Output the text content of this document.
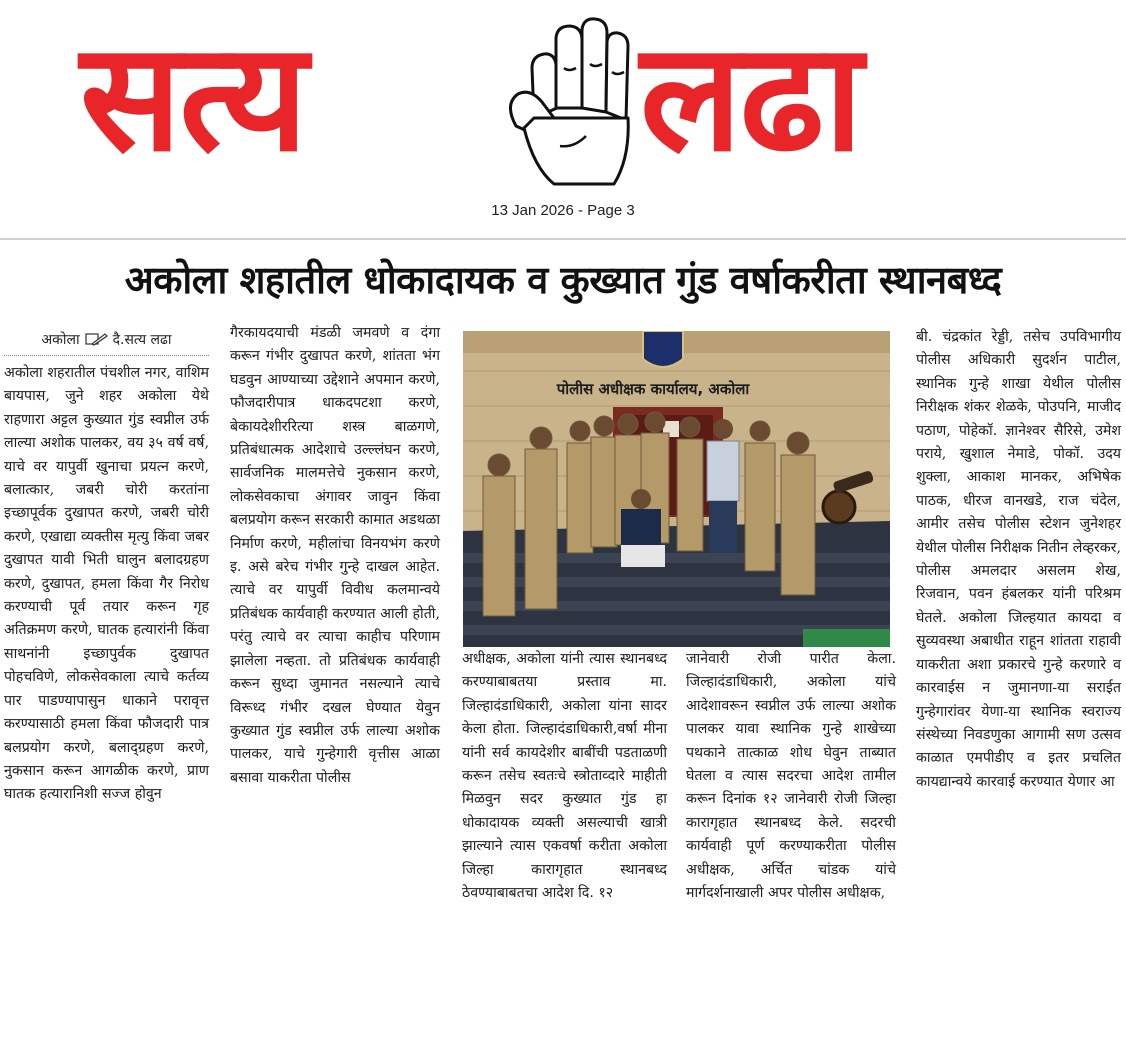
सत्य लढा
13 Jan 2026 - Page 3
अकोला शहातील धोकादायक व कुख्यात गुंड वर्षाकरीता स्थानबध्द
अकोला दै.सत्य लढा
अकोला शहरातील पंचशील नगर, वाशिम बायपास, जुने शहर अकोला येथे राहणारा अट्टल कुख्यात गुंड स्वप्नील उर्फ लाल्या अशोक पालकर, वय ३५ वर्ष वर्ष, याचे वर यापुर्वी खुनाचा प्रयत्न करणे, बलात्कार, जबरी चोरी करतांना इच्छापूर्वक दुखापत करणे, जबरी चोरी करणे, एखाद्या व्यक्तीस मृत्यु किंवा जबर दुखापत यावी भिती घालुन बलादग्रहण करणे, दुखापत, हमला किंवा गैर निरोध करण्याची पूर्व तयार करून गृह अतिक्रमण करणे, घातक हत्यारांनी किंवा साथनांनी इच्छापुर्वक दुखापत पोहचविणे, लोकसेवकाला त्याचे कर्तव्य पार पाडण्यापासुन धाकाने परावृत्त करण्यासाठी हमला किंवा फौजदारी पात्र बलप्रयोग करणे, बलाद्ग्रहण करणे, नुकसान करून आगळीक करणे, प्राण घातक हत्यारानिशी सज्ज होवुन
गैरकायदयाची मंडळी जमवणे व दंगा करून गंभीर दुखापत करणे, शांतता भंग घडवुन आण्याच्या उद्देशाने अपमान करणे, फौजदारीपात्र धाकदपटशा करणे, बेकायदेशीररित्या शस्त्र बाळगणे, प्रतिबंधात्मक आदेशाचे उल्ल्लंघन करणे, सार्वजनिक मालमत्तेचे नुकसान करणे, लोकसेवकाचा अंगावर जावुन किंवा बलप्रयोग करून सरकारी कामात अडथळा निर्माण करणे, महीलांचा विनयभंग करणे इ. असे बरेच गंभीर गुन्हे दाखल आहेत. त्याचे वर यापुर्वी विवीध कलमान्वये प्रतिबंधक कार्यवाही करण्यात आली होती, परंतु त्याचे वर त्याचा काहीच परिणाम झालेला नव्हता. तो प्रतिबंधक कार्यवाही करून सुध्दा जुमानत नसल्याने त्याचे विरूध्द गंभीर दखल घेण्यात येवुन कुख्यात गुंड स्वप्नील उर्फ लाल्या अशोक पालकर, याचे गुन्हेगारी वृत्तीस आळा बसावा याकरीता पोलीस
पोलीस अधीक्षक कार्यालय, अकोला
अधीक्षक, अकोला यांनी त्यास स्थानबध्द करण्याबाबतया प्रस्ताव मा. जिल्हादंडाधिकारी, अकोला यांना सादर केला होता. जिल्हादंडाधिकारी,वर्षा मीना यांनी सर्व कायदेशीर बाबींची पडताळणी करून तसेच स्वतःचे स्त्रोताव्दारे माहीती मिळवुन सदर कुख्यात गुंड हा धोकादायक व्यक्ती असल्याची खात्री झाल्याने त्यास एकवर्षा करीता अकोला जिल्हा कारागृहात स्थानबध्द ठेवण्याबाबतचा आदेश दि. १२
जानेवारी रोजी पारीत केला. जिल्हादंडाधिकारी, अकोला यांचे आदेशावरून स्वप्नील उर्फ लाल्या अशोक पालकर यावा स्थानिक गुन्हे शाखेच्या पथकाने तात्काळ शोध घेवुन ताब्यात घेतला व त्यास सदरचा आदेश तामील करून दिनांक १२ जानेवारी रोजी जिल्हा कारागृहात स्थानबध्द केले. सदरची कार्यवाही पूर्ण करण्याकरीता पोलीस अधीक्षक, अर्चित चांडक यांचे मार्गदर्शनाखाली अपर पोलीस अधीक्षक,
बी. चंद्रकांत रेड्डी, तसेच उपविभागीय पोलीस अधिकारी सुदर्शन पाटील, स्थानिक गुन्हे शाखा येथील पोलीस निरीक्षक शंकर शेळके, पोउपनि, माजीद पठाण, पोहेकॉ. ज्ञानेश्वर सैरिसे, उमेश पराये, खुशाल नेमाडे, पोकॉ. उदय शुक्ला, आकाश मानकर, अभिषेक पाठक, धीरज वानखडे, राज चंदेल, आमीर तसेच पोलीस स्टेशन जुनेशहर येथील पोलीस निरीक्षक नितीन लेव्हरकर, पोलीस अमलदार असलम शेख, रिजवान, पवन हंबलकर यांनी परिश्रम घेतले. अकोला जिल्हयात कायदा व सुव्यवस्था अबाधीत राहून शांतता राहावी याकरीता अशा प्रकारचे गुन्हे करणारे व कारवाईस न जुमानणा-या सराईत गुन्हेगारांवर येणा-या स्थानिक स्वराज्य संस्थेच्या निवडणुका आगामी सण उत्सव काळात एमपीडीए व इतर प्रचलित कायद्यान्वये कारवाई करण्यात येणार आ
